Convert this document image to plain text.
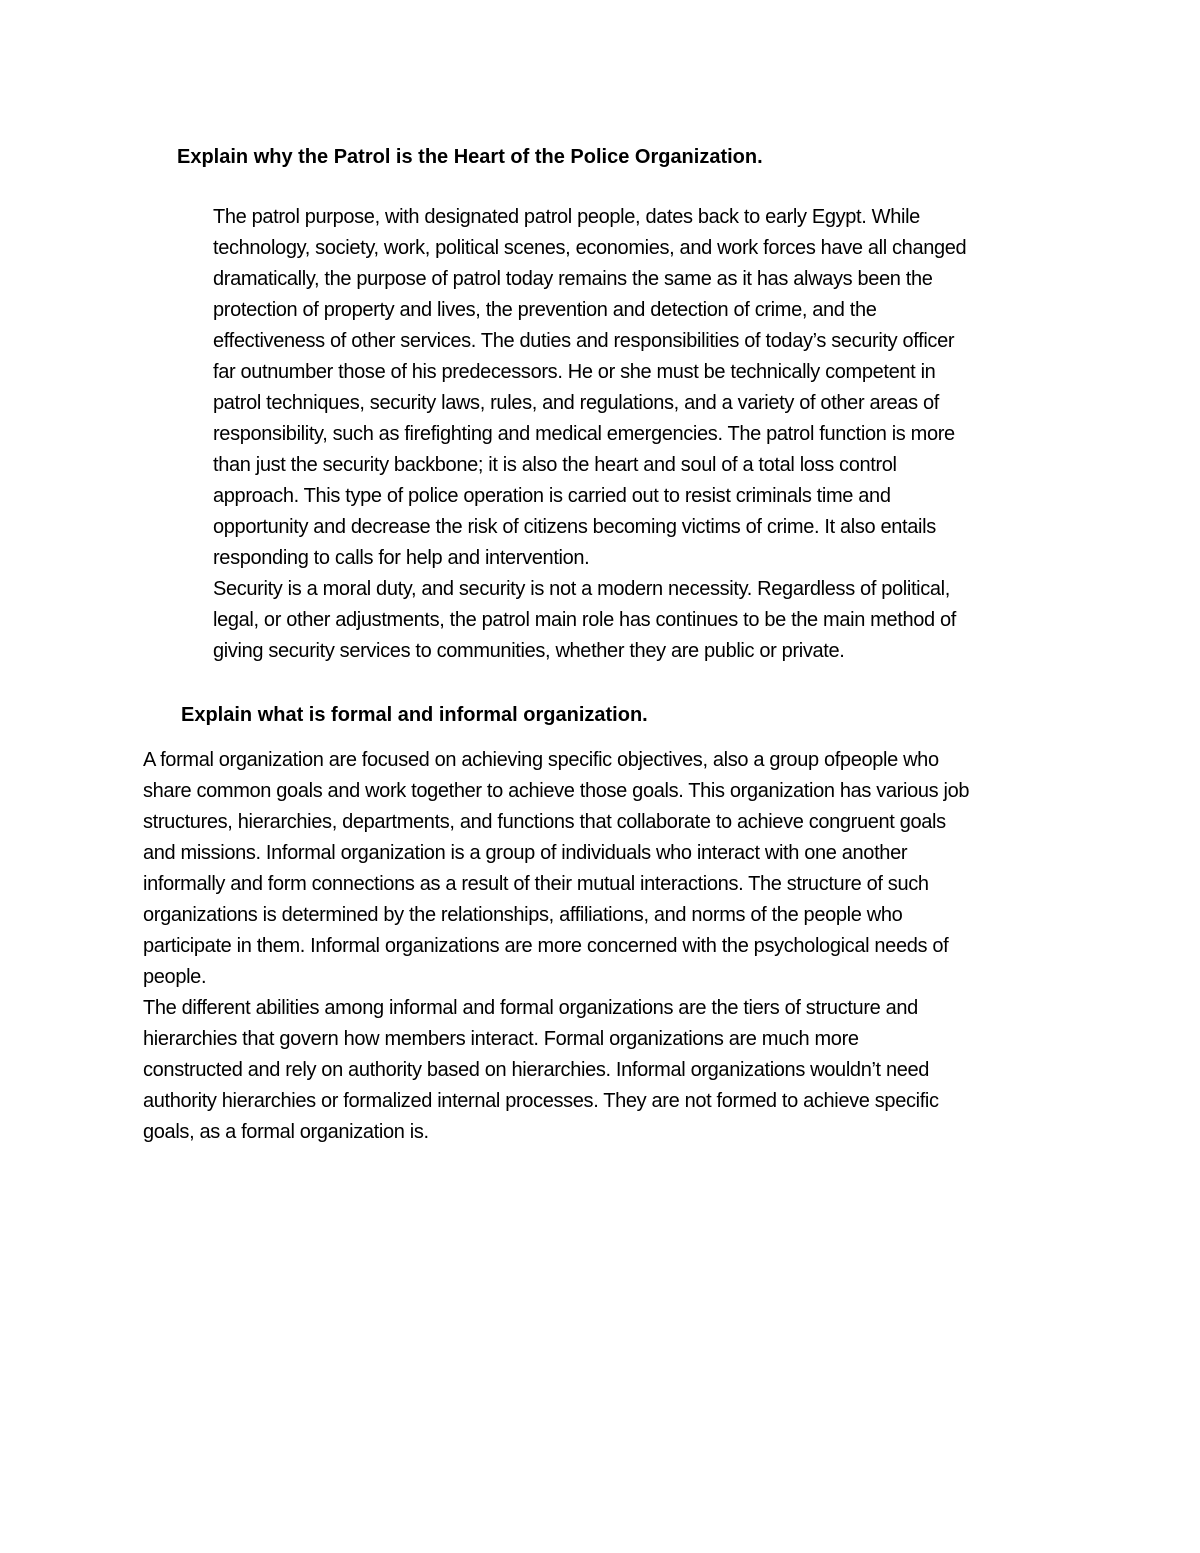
Explain why the Patrol is the Heart of the Police Organization.

The patrol purpose, with designated patrol people, dates back to early Egypt. While
technology, society, work, political scenes, economies, and work forces have all changed
dramatically, the purpose of patrol today remains the same as it has always been the
protection of property and lives, the prevention and detection of crime, and the
effectiveness of other services. The duties and responsibilities of today’s security officer
far outnumber those of his predecessors. He or she must be technically competent in
patrol techniques, security laws, rules, and regulations, and a variety of other areas of
responsibility, such as firefighting and medical emergencies. The patrol function is more
than just the security backbone; it is also the heart and soul of a total loss control
approach. This type of police operation is carried out to resist criminals time and
opportunity and decrease the risk of citizens becoming victims of crime. It also entails
responding to calls for help and intervention.
Security is a moral duty, and security is not a modern necessity. Regardless of political,
legal, or other adjustments, the patrol main role has continues to be the main method of
giving security services to communities, whether they are public or private.

Explain what is formal and informal organization.

A formal organization are focused on achieving specific objectives, also a group ofpeople who
share common goals and work together to achieve those goals. This organization has various job
structures, hierarchies, departments, and functions that collaborate to achieve congruent goals
and missions. Informal organization is a group of individuals who interact with one another
informally and form connections as a result of their mutual interactions. The structure of such
organizations is determined by the relationships, affiliations, and norms of the people who
participate in them. Informal organizations are more concerned with the psychological needs of
people.
The different abilities among informal and formal organizations are the tiers of structure and
hierarchies that govern how members interact. Formal organizations are much more
constructed and rely on authority based on hierarchies. Informal organizations wouldn’t need
authority hierarchies or formalized internal processes. They are not formed to achieve specific
goals, as a formal organization is.
